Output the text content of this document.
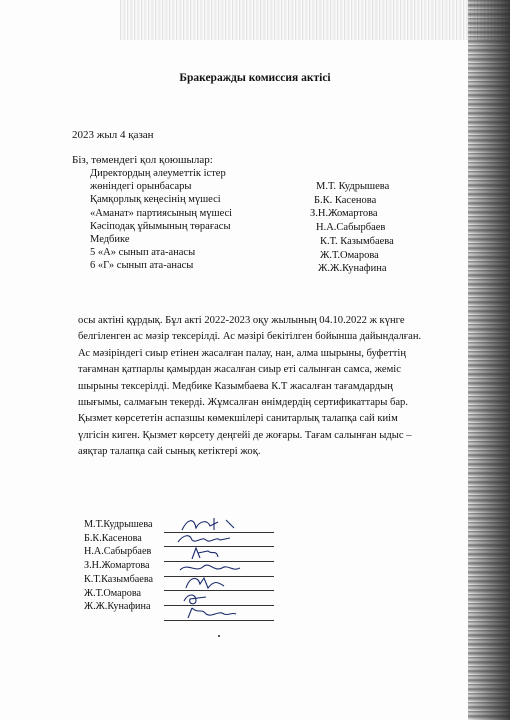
Бракеражды комиссия актісі
2023 жыл 4 қазан
Біз, төмендегі қол қоюшылар:
Директордың әлеуметтік істер
жөніндегі орынбасары
Қамқорлық кеңесінің мүшесі
«Аманат» партиясының мүшесі
Кәсіподақ ұйымының төрағасы
Медбике
5 «А» сынып ата-анасы
6 «Г» сынып ата-анасы
М.Т. Кудрышева
Б.К. Касенова
З.Н.Жомартова
Н.А.Сабырбаев
К.Т. Казымбаева
Ж.Т.Омарова
Ж.Ж.Кунафина
осы актіні құрдық. Бұл акті 2022-2023 оқу жылының 04.10.2022 ж күнге
белгіленген ас мәзір тексерілді. Ас мәзірі бекітілген бойынша дайындалған.
Ас мәзіріндегі сиыр етінен жасалған палау, нан, алма шырыны, буфеттің
тағамнан қатпарлы қамырдан жасалған сиыр еті салынған самса, жеміс
шырыны тексерілді. Медбике Казымбаева К.Т жасалған тағамдардың
шығымы, салмағын текерді. Жұмсалған өнімдердің сертификаттары бар.
Қызмет көрсететін аспазшы көмекшілері санитарлық талапқа сай киім
үлгісін киген. Қызмет көрсету деңгейі де жоғары. Тағам салынған ыдыс –
аяқтар талапқа сай сынық кетіктері жоқ.
М.Т.Кудрышева
Б.К.Касенова
Н.А.Сабырбаев
З.Н.Жомартова
К.Т.Казымбаева
Ж.Т.Омарова
Ж.Ж.Кунафина
